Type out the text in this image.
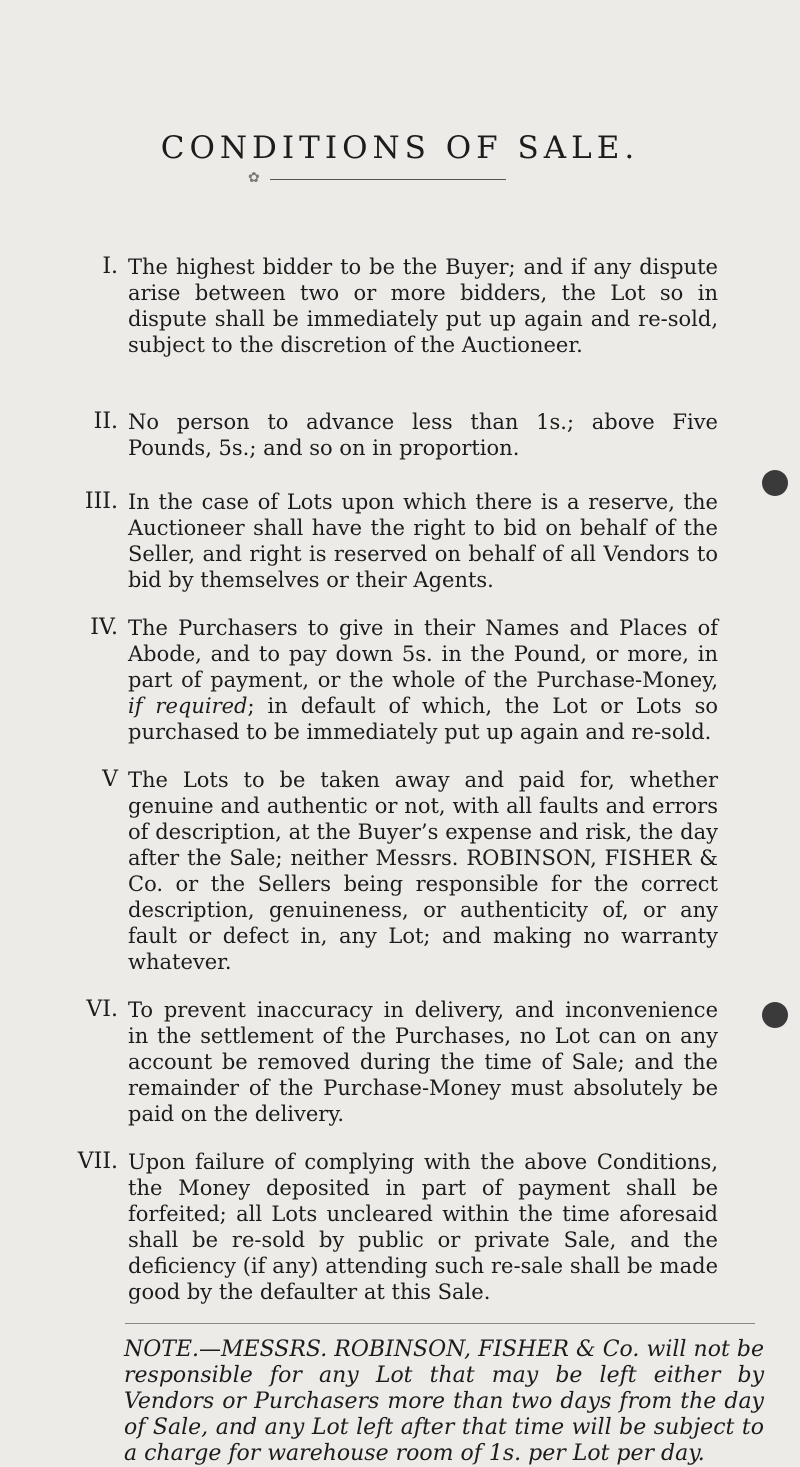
CONDITIONS OF SALE.
✿
I. The highest bidder to be the Buyer; and if any dispute arise between two or more bidders, the Lot so in dispute shall be immediately put up again and re-sold, subject to the discretion of the Auctioneer.

II. No person to advance less than 1s.; above Five Pounds, 5s.; and so on in proportion.

III. In the case of Lots upon which there is a reserve, the Auctioneer shall have the right to bid on behalf of the Seller, and right is reserved on behalf of all Vendors to bid by themselves or their Agents.

IV. The Purchasers to give in their Names and Places of Abode, and to pay down 5s. in the Pound, or more, in part of payment, or the whole of the Purchase-Money, if required; in default of which, the Lot or Lots so purchased to be immediately put up again and re-sold.

V The Lots to be taken away and paid for, whether genuine and authentic or not, with all faults and errors of description, at the Buyer’s expense and risk, the day after the Sale; neither Messrs. ROBINSON, FISHER & Co. or the Sellers being responsible for the correct description, genuineness, or authenticity of, or any fault or defect in, any Lot; and making no warranty whatever.

VI. To prevent inaccuracy in delivery, and inconvenience in the settlement of the Purchases, no Lot can on any account be removed during the time of Sale; and the remainder of the Purchase-Money must absolutely be paid on the delivery.

VII. Upon failure of complying with the above Conditions, the Money deposited in part of payment shall be forfeited; all Lots uncleared within the time aforesaid shall be re-sold by public or private Sale, and the deficiency (if any) attending such re-sale shall be made good by the defaulter at this Sale.

NOTE.—MESSRS. ROBINSON, FISHER & Co. will not be responsible for any Lot that may be left either by Vendors or Purchasers more than two days from the day of Sale, and any Lot left after that time will be subject to a charge for warehouse room of 1s. per Lot per day.
